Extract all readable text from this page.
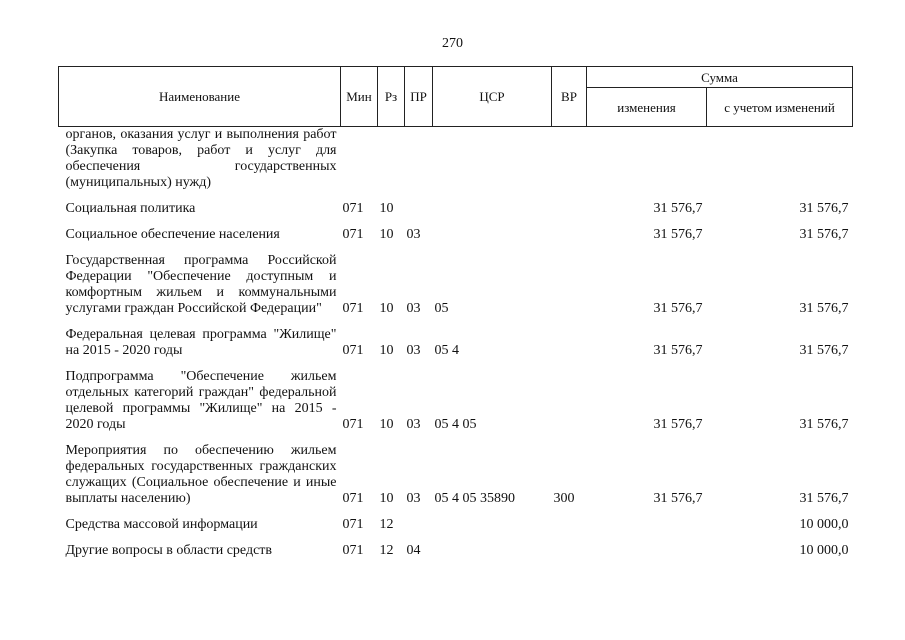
270
Наименование	Мин	Рз	ПР	ЦСР	ВР	Сумма	
						изменения	с учетом изменений
органов, оказания услуг и выполнения работ (Закупка товаров, работ и услуг для обеспечения государственных (муниципальных) нужд)							

Социальная политика	071	10				31 576,7	31 576,7

Социальное обеспечение населения	071	10	03			31 576,7	31 576,7

Государственная программа Российской Федерации "Обеспечение доступным и комфортным жильем и коммунальными услугами граждан Российской Федерации"	071	10	03	05		31 576,7	31 576,7

Федеральная целевая программа "Жилище" на 2015 - 2020 годы	071	10	03	05 4		31 576,7	31 576,7

Подпрограмма "Обеспечение жильем отдельных категорий граждан" федеральной целевой программы "Жилище" на 2015 - 2020 годы	071	10	03	05 4 05		31 576,7	31 576,7

Мероприятия по обеспечению жильем федеральных государственных гражданских служащих (Социальное обеспечение и иные выплаты населению)	071	10	03	05 4 05 35890	300	31 576,7	31 576,7

Средства массовой информации	071	12					10 000,0

Другие вопросы в области средств	071	12	04				10 000,0
